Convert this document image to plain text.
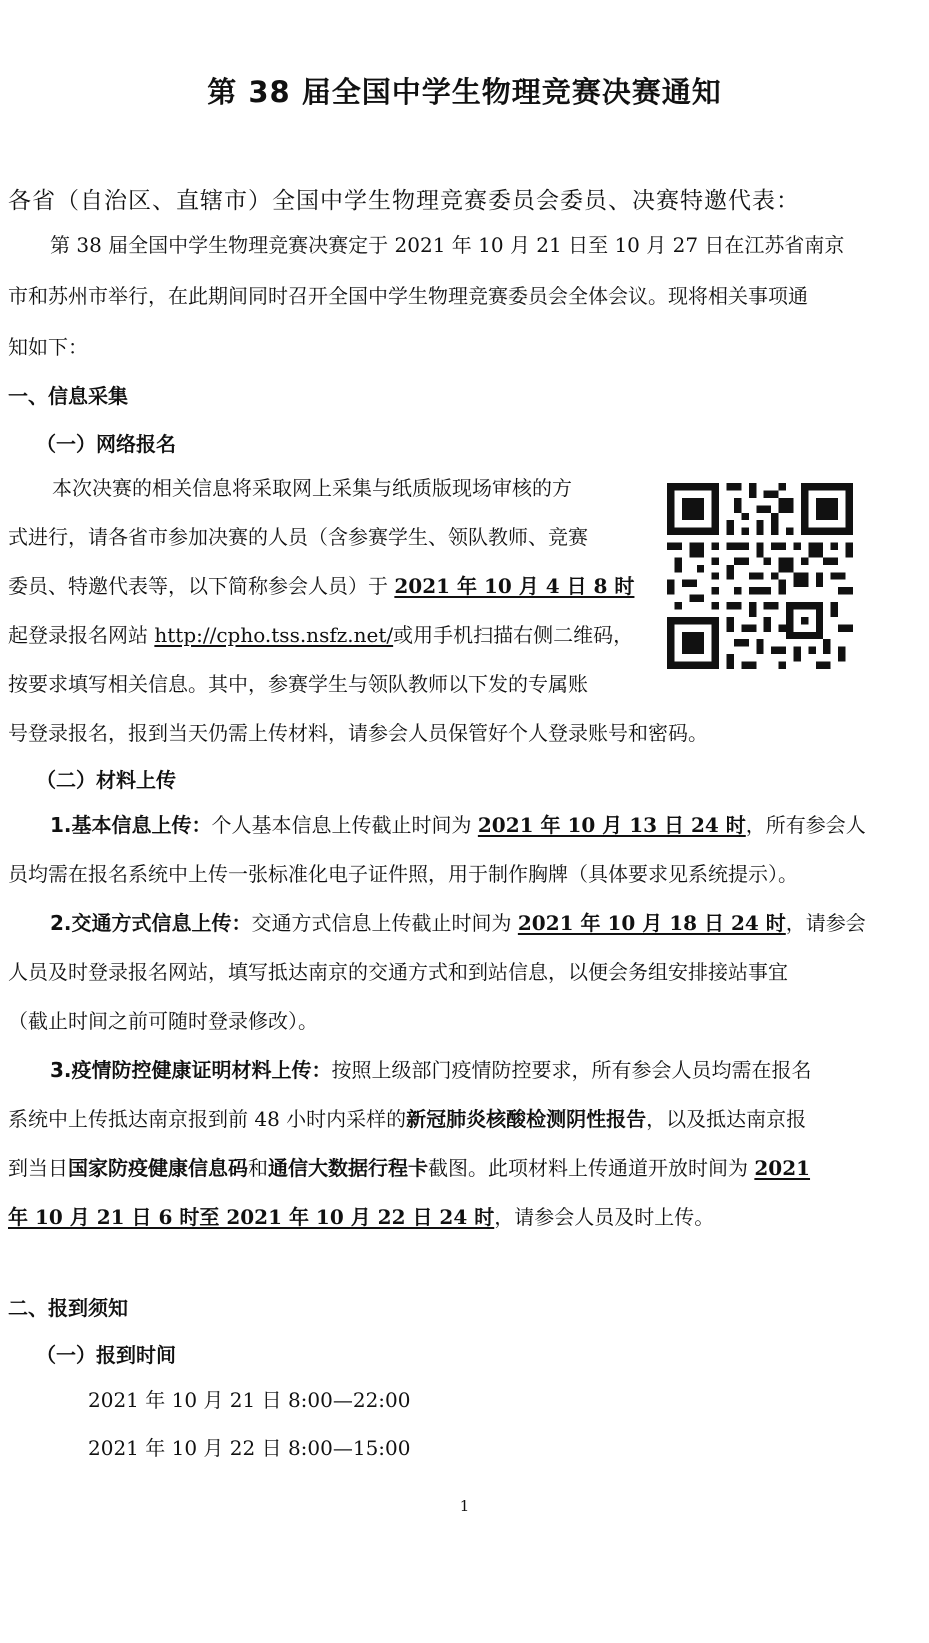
第 38 届全国中学生物理竞赛决赛通知
各省（自治区、直辖市）全国中学生物理竞赛委员会委员、决赛特邀代表：
第 38 届全国中学生物理竞赛决赛定于 2021 年 10 月 21 日至 10 月 27 日在江苏省南京
市和苏州市举行，在此期间同时召开全国中学生物理竞赛委员会全体会议。现将相关事项通
知如下：
一、信息采集
（一）网络报名
本次决赛的相关信息将采取网上采集与纸质版现场审核的方
式进行，请各省市参加决赛的人员（含参赛学生、领队教师、竞赛
委员、特邀代表等，以下简称参会人员）于 2021 年 10 月 4 日 8 时
起登录报名网站 http://cpho.tss.nsfz.net/或用手机扫描右侧二维码，
按要求填写相关信息。其中，参赛学生与领队教师以下发的专属账
号登录报名，报到当天仍需上传材料，请参会人员保管好个人登录账号和密码。
（二）材料上传
1.基本信息上传：个人基本信息上传截止时间为 2021 年 10 月 13 日 24 时，所有参会人
员均需在报名系统中上传一张标准化电子证件照，用于制作胸牌（具体要求见系统提示）。
2.交通方式信息上传：交通方式信息上传截止时间为 2021 年 10 月 18 日 24 时，请参会
人员及时登录报名网站，填写抵达南京的交通方式和到站信息，以便会务组安排接站事宜
（截止时间之前可随时登录修改）。
3.疫情防控健康证明材料上传：按照上级部门疫情防控要求，所有参会人员均需在报名
系统中上传抵达南京报到前 48 小时内采样的新冠肺炎核酸检测阴性报告，以及抵达南京报
到当日国家防疫健康信息码和通信大数据行程卡截图。此项材料上传通道开放时间为 2021
年 10 月 21 日 6 时至 2021 年 10 月 22 日 24 时，请参会人员及时上传。
二、报到须知
（一）报到时间
2021 年 10 月 21 日 8:00—22:00
2021 年 10 月 22 日 8:00—15:00
1
